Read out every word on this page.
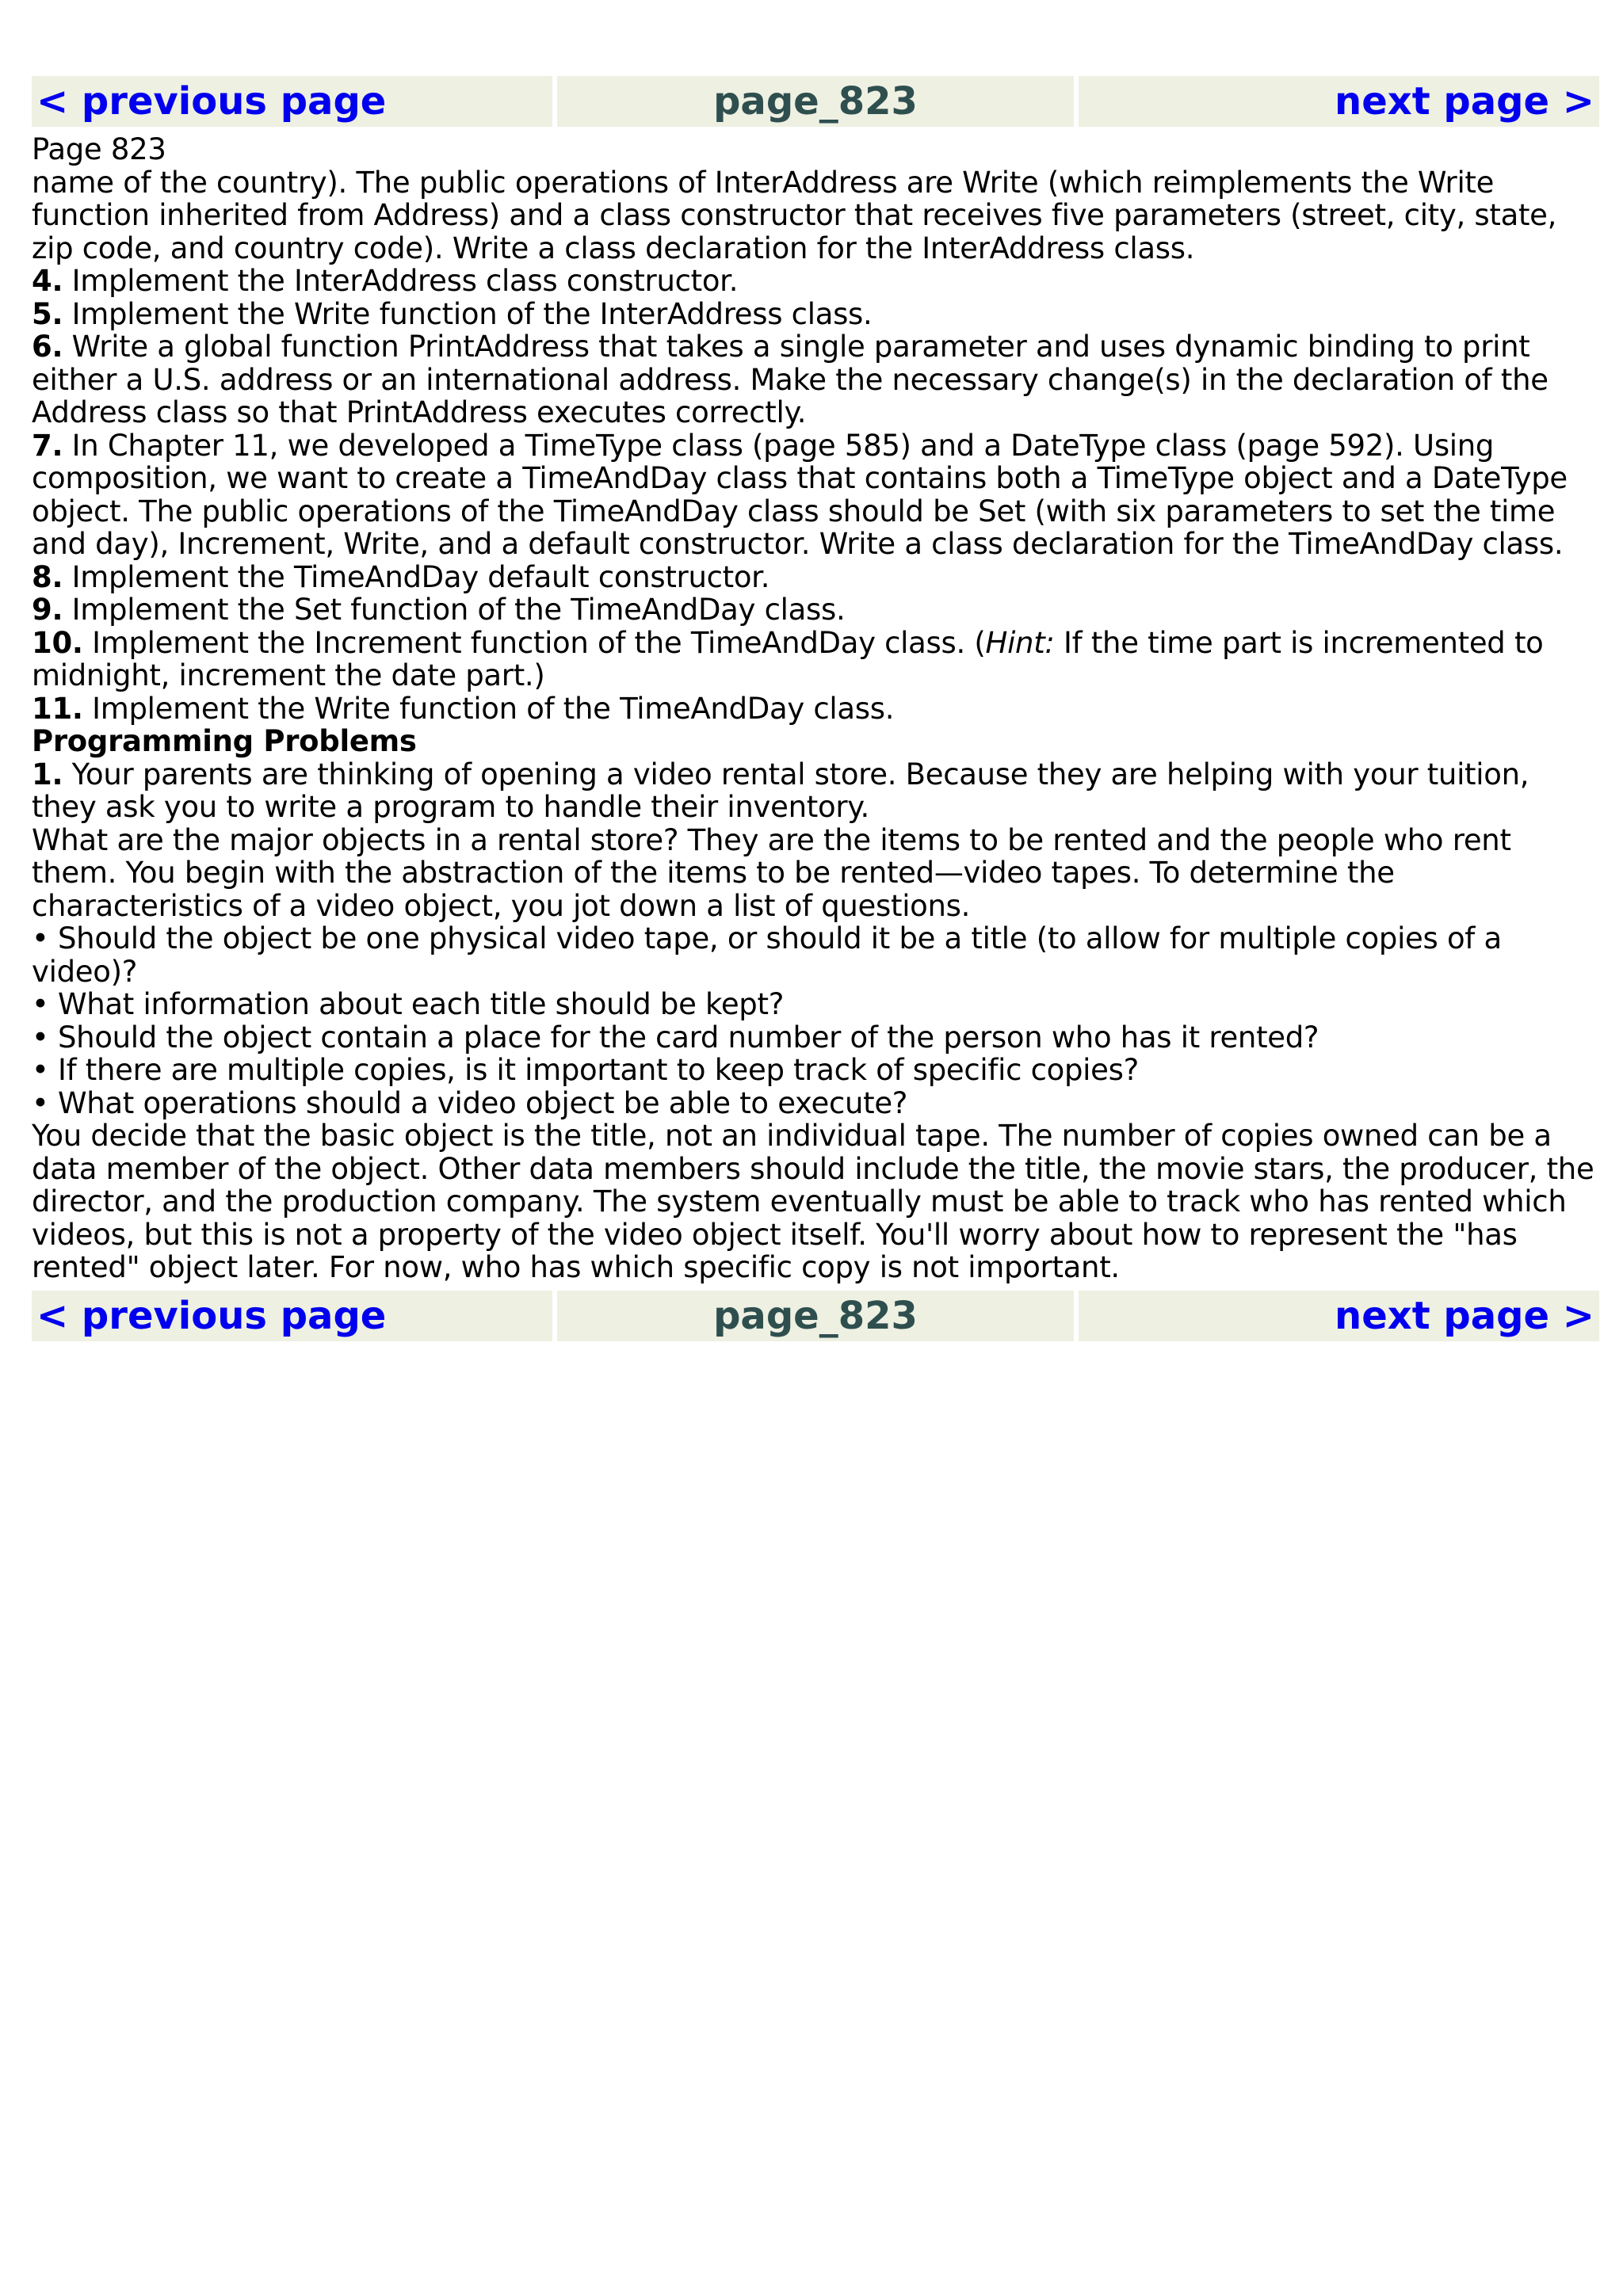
< previous page	page_823	next page >

Page 823

name of the country). The public operations of InterAddress are Write (which reimplements the Write function inherited from Address) and a class constructor that receives five parameters (street, city, state, zip code, and country code). Write a class declaration for the InterAddress class.

4. Implement the InterAddress class constructor.

5. Implement the Write function of the InterAddress class.

6. Write a global function PrintAddress that takes a single parameter and uses dynamic binding to print either a U.S. address or an international address. Make the necessary change(s) in the declaration of the Address class so that PrintAddress executes correctly.

7. In Chapter 11, we developed a TimeType class (page 585) and a DateType class (page 592). Using composition, we want to create a TimeAndDay class that contains both a TimeType object and a DateType object. The public operations of the TimeAndDay class should be Set (with six parameters to set the time and day), Increment, Write, and a default constructor. Write a class declaration for the TimeAndDay class.

8. Implement the TimeAndDay default constructor.

9. Implement the Set function of the TimeAndDay class.

10. Implement the Increment function of the TimeAndDay class. (Hint: If the time part is incremented to midnight, increment the date part.)

11. Implement the Write function of the TimeAndDay class.

Programming Problems

1. Your parents are thinking of opening a video rental store. Because they are helping with your tuition, they ask you to write a program to handle their inventory.

What are the major objects in a rental store? They are the items to be rented and the people who rent them. You begin with the abstraction of the items to be rented—video tapes. To determine the characteristics of a video object, you jot down a list of questions.

• Should the object be one physical video tape, or should it be a title (to allow for multiple copies of a video)?

• What information about each title should be kept?

• Should the object contain a place for the card number of the person who has it rented?

• If there are multiple copies, is it important to keep track of specific copies?

• What operations should a video object be able to execute?

You decide that the basic object is the title, not an individual tape. The number of copies owned can be a data member of the object. Other data members should include the title, the movie stars, the producer, the director, and the production company. The system eventually must be able to track who has rented which videos, but this is not a property of the video object itself. You'll worry about how to represent the "has rented" object later. For now, who has which specific copy is not important.

< previous page	page_823	next page >
